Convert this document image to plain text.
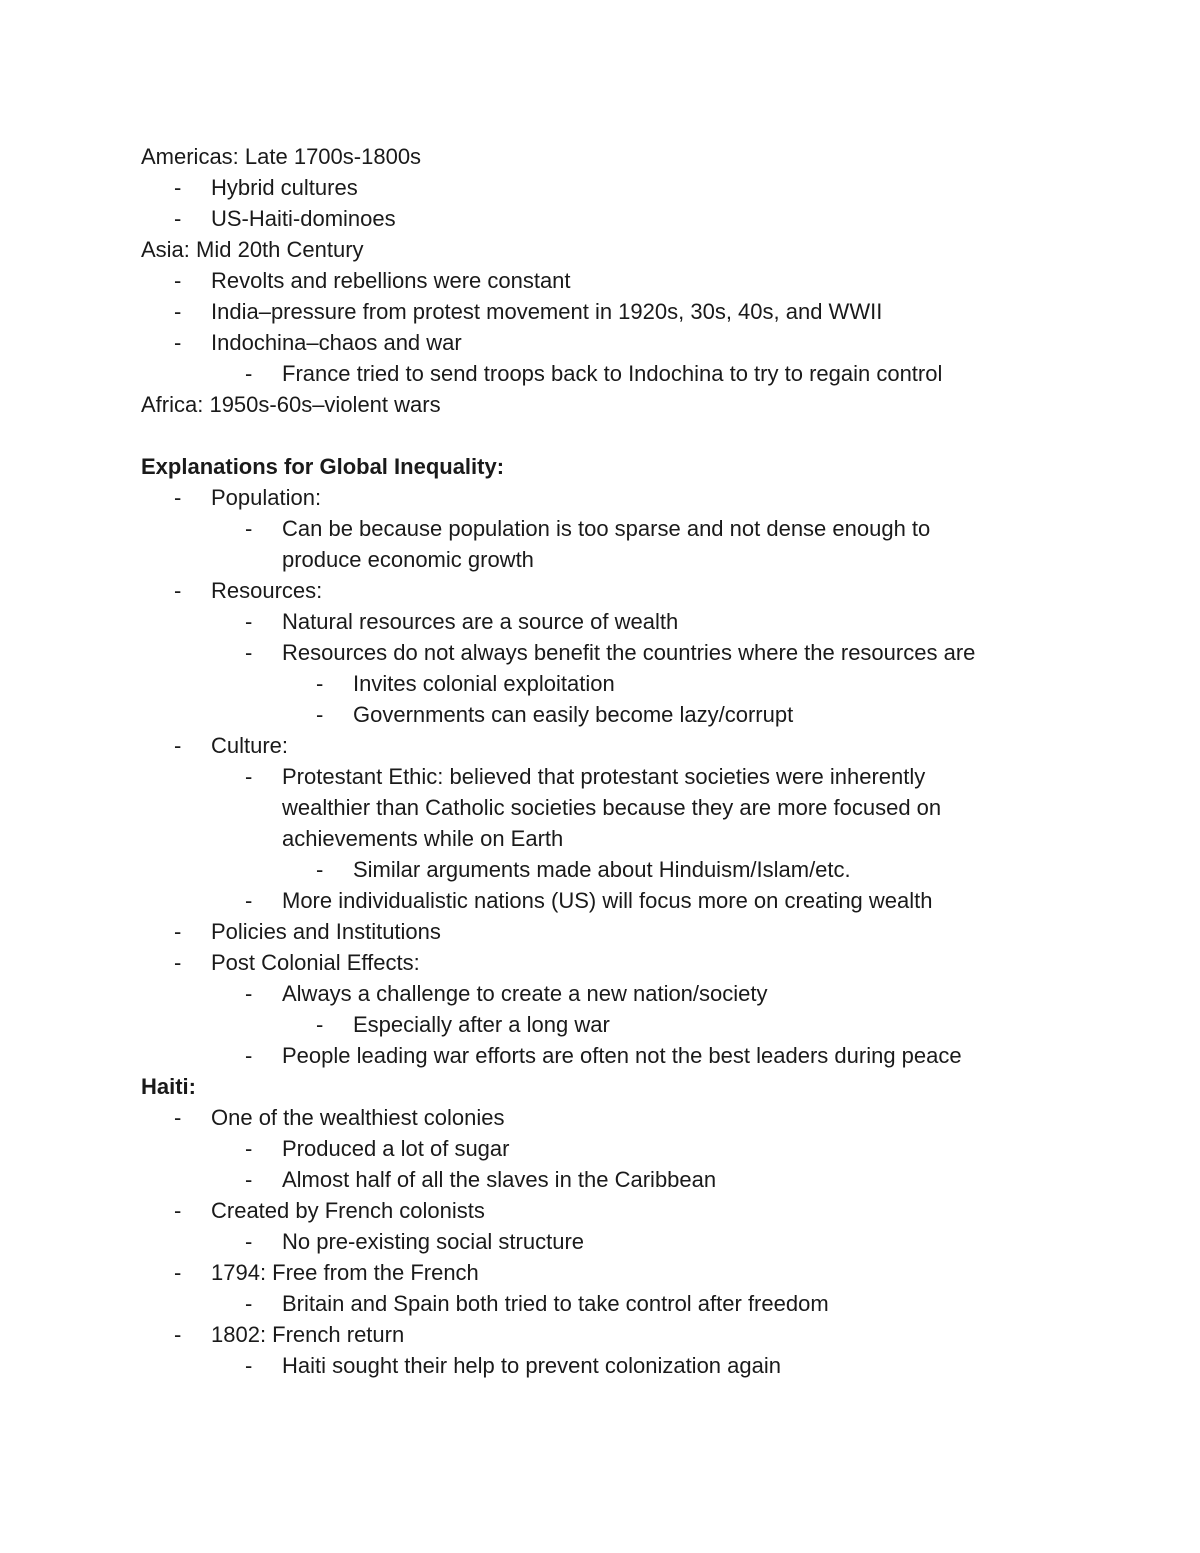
Americas: Late 1700s-1800s
- Hybrid cultures
- US-Haiti-dominoes
Asia: Mid 20th Century
- Revolts and rebellions were constant
- India–pressure from protest movement in 1920s, 30s, 40s, and WWII
- Indochina–chaos and war
- France tried to send troops back to Indochina to try to regain control
Africa: 1950s-60s–violent wars
Explanations for Global Inequality:
- Population:
- Can be because population is too sparse and not dense enough to
produce economic growth
- Resources:
- Natural resources are a source of wealth
- Resources do not always benefit the countries where the resources are
- Invites colonial exploitation
- Governments can easily become lazy/corrupt
- Culture:
- Protestant Ethic: believed that protestant societies were inherently
wealthier than Catholic societies because they are more focused on
achievements while on Earth
- Similar arguments made about Hinduism/Islam/etc.
- More individualistic nations (US) will focus more on creating wealth
- Policies and Institutions
- Post Colonial Effects:
- Always a challenge to create a new nation/society
- Especially after a long war
- People leading war efforts are often not the best leaders during peace
Haiti:
- One of the wealthiest colonies
- Produced a lot of sugar
- Almost half of all the slaves in the Caribbean
- Created by French colonists
- No pre-existing social structure
- 1794: Free from the French
- Britain and Spain both tried to take control after freedom
- 1802: French return
- Haiti sought their help to prevent colonization again
